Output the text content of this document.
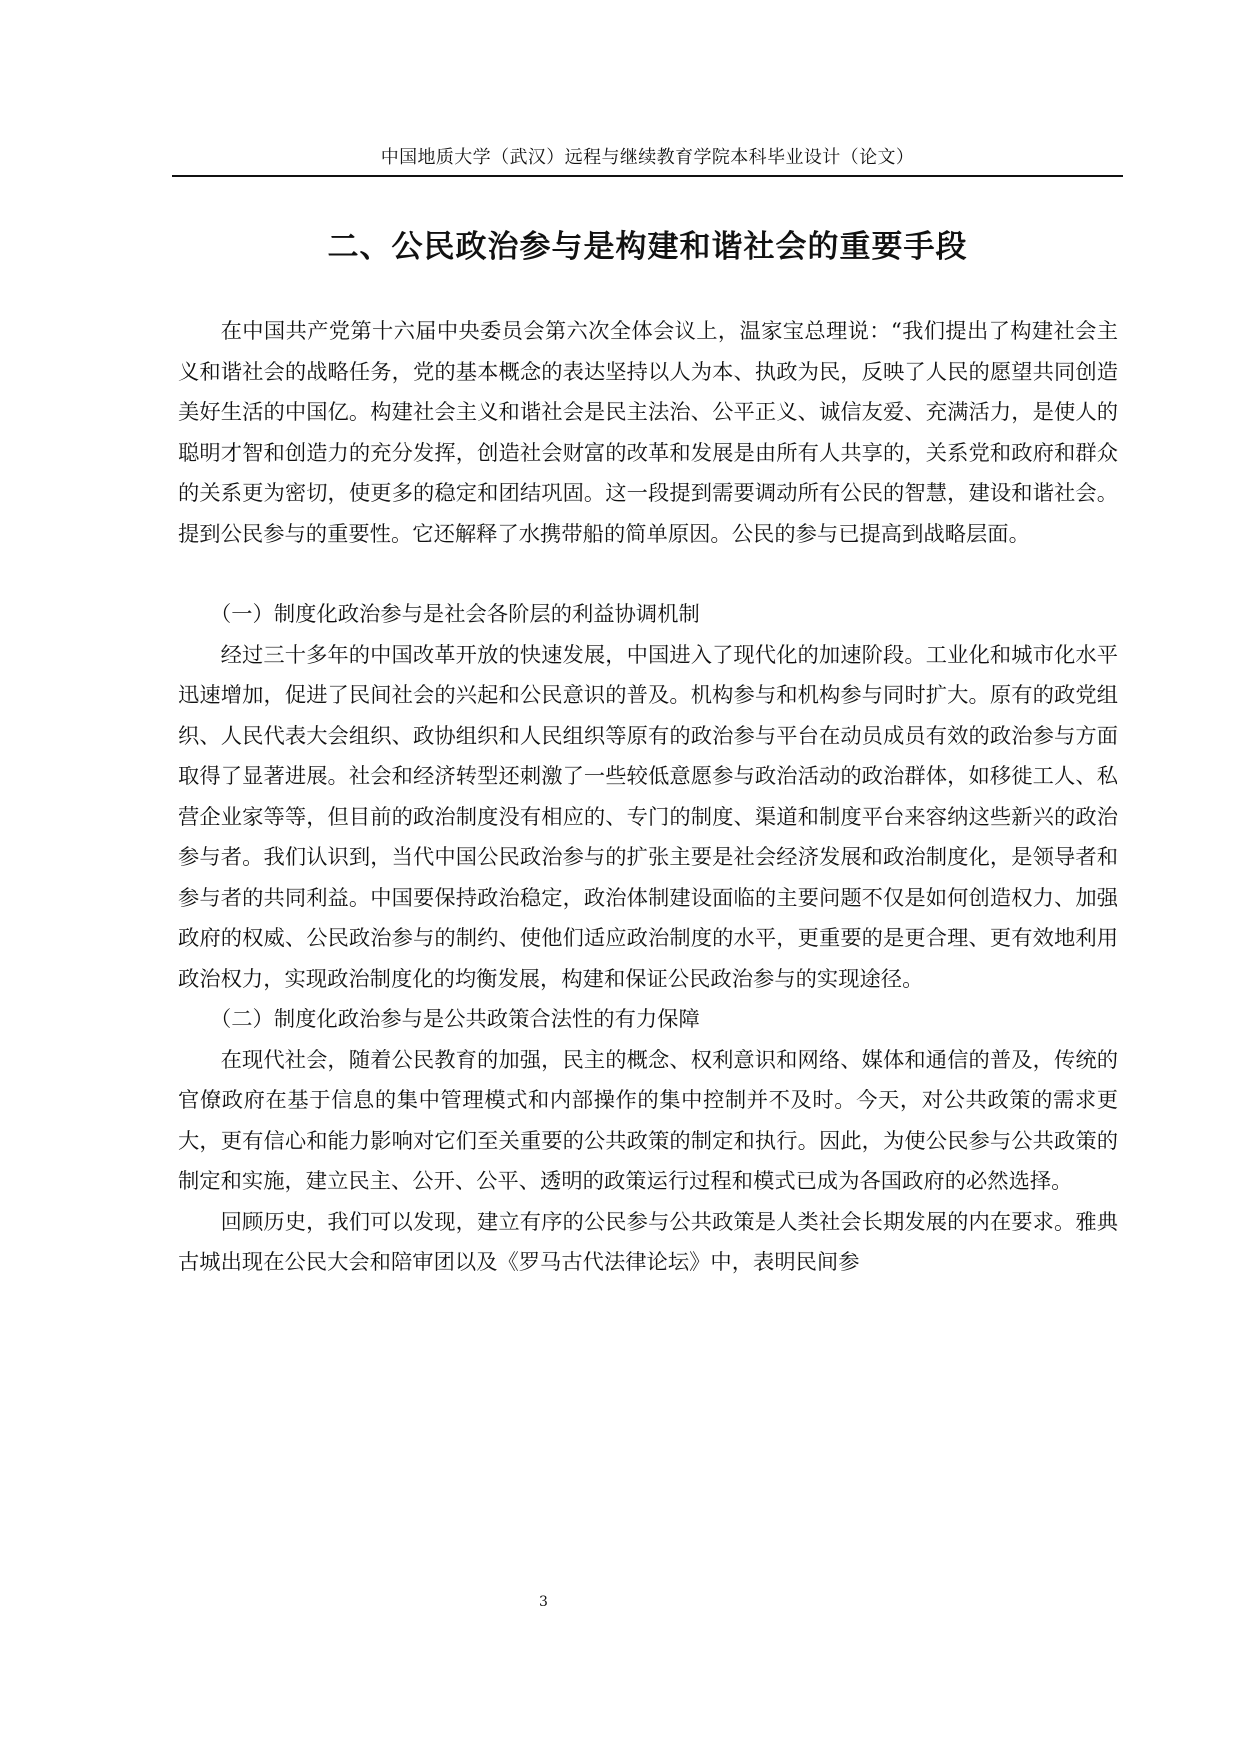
中国地质大学（武汉）远程与继续教育学院本科毕业设计（论文）
二、公民政治参与是构建和谐社会的重要手段

在中国共产党第十六届中央委员会第六次全体会议上，温家宝总理说：“我们提出了构建社会主义和谐社会的战略任务，党的基本概念的表达坚持以人为本、执政为民，反映了人民的愿望共同创造美好生活的中国亿。构建社会主义和谐社会是民主法治、公平正义、诚信友爱、充满活力，是使人的聪明才智和创造力的充分发挥，创造社会财富的改革和发展是由所有人共享的，关系党和政府和群众的关系更为密切，使更多的稳定和团结巩固。这一段提到需要调动所有公民的智慧，建设和谐社会。提到公民参与的重要性。它还解释了水携带船的简单原因。公民的参与已提高到战略层面。

（一）制度化政治参与是社会各阶层的利益协调机制

经过三十多年的中国改革开放的快速发展，中国进入了现代化的加速阶段。工业化和城市化水平迅速增加，促进了民间社会的兴起和公民意识的普及。机构参与和机构参与同时扩大。原有的政党组织、人民代表大会组织、政协组织和人民组织等原有的政治参与平台在动员成员有效的政治参与方面取得了显著进展。社会和经济转型还刺激了一些较低意愿参与政治活动的政治群体，如移徙工人、私营企业家等等，但目前的政治制度没有相应的、专门的制度、渠道和制度平台来容纳这些新兴的政治参与者。我们认识到，当代中国公民政治参与的扩张主要是社会经济发展和政治制度化，是领导者和参与者的共同利益。中国要保持政治稳定，政治体制建设面临的主要问题不仅是如何创造权力、加强政府的权威、公民政治参与的制约、使他们适应政治制度的水平，更重要的是更合理、更有效地利用政治权力，实现政治制度化的均衡发展，构建和保证公民政治参与的实现途径。

（二）制度化政治参与是公共政策合法性的有力保障

在现代社会，随着公民教育的加强，民主的概念、权利意识和网络、媒体和通信的普及，传统的官僚政府在基于信息的集中管理模式和内部操作的集中控制并不及时。今天，对公共政策的需求更大，更有信心和能力影响对它们至关重要的公共政策的制定和执行。因此，为使公民参与公共政策的制定和实施，建立民主、公开、公平、透明的政策运行过程和模式已成为各国政府的必然选择。

回顾历史，我们可以发现，建立有序的公民参与公共政策是人类社会长期发展的内在要求。雅典古城出现在公民大会和陪审团以及《罗马古代法律论坛》中，表明民间参

3
